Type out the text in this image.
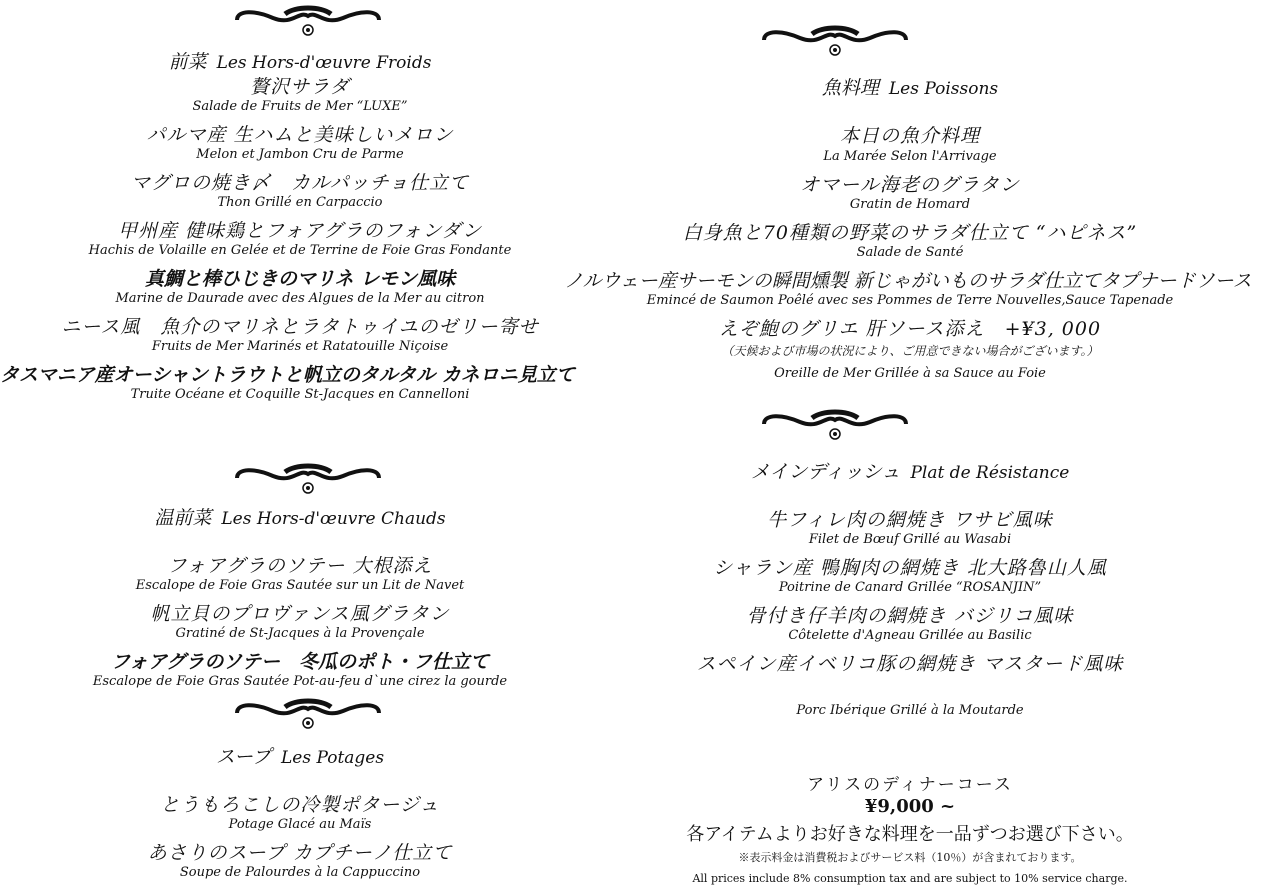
前菜 Les Hors-d'œuvre Froids
贅沢サラダ
Salade de Fruits de Mer “LUXE”
パルマ産 生ハムと美味しいメロン
Melon et Jambon Cru de Parme
マグロの焼き〆　カルパッチョ仕立て
Thon Grillé en Carpaccio
甲州産 健味鶏とフォアグラのフォンダン
Hachis de Volaille en Gelée et de Terrine de Foie Gras Fondante
真鯛と棒ひじきのマリネ レモン風味
Marine de Daurade avec des Algues de la Mer au citron
ニース風　魚介のマリネとラタトゥイユのゼリー寄せ
Fruits de Mer Marinés et Ratatouille Niçoise
タスマニア産オーシャントラウトと帆立のタルタル カネロニ見立て
Truite Océane et Coquille St-Jacques en Cannelloni
温前菜 Les Hors-d'œuvre Chauds
フォアグラのソテー 大根添え
Escalope de Foie Gras Sautée sur un Lit de Navet
帆立貝のプロヴァンス風グラタン
Gratiné de St-Jacques à la Provençale
フォアグラのソテー　冬瓜のポト・フ仕立て
Escalope de Foie Gras Sautée Pot-au-feu d`une cirez la gourde
スープ Les Potages
とうもろこしの冷製ポタージュ
Potage Glacé au Maïs
あさりのスープ カプチーノ仕立て
Soupe de Palourdes à la Cappuccino
魚料理 Les Poissons
本日の魚介料理
La Marée Selon l'Arrivage
オマール海老のグラタン
Gratin de Homard
白身魚と70種類の野菜のサラダ仕立て “ハピネス”
Salade de Santé
ノルウェー産サーモンの瞬間燻製 新じゃがいものサラダ仕立てタプナードソース
Emincé de Saumon Poêlé avec ses Pommes de Terre Nouvelles,Sauce Tapenade
えぞ鮑のグリエ 肝ソース添え　+¥3, 000
（天候および市場の状況により、ご用意できない場合がございます。）
Oreille de Mer Grillée à sa Sauce au Foie
メインディッシュ Plat de Résistance
牛フィレ肉の網焼き ワサビ風味
Filet de Bœuf Grillé au Wasabi
シャラン産 鴨胸肉の網焼き 北大路魯山人風
Poitrine de Canard Grillée “ROSANJIN”
骨付き仔羊肉の網焼き バジリコ風味
Côtelette d'Agneau Grillée au Basilic
スペイン産イベリコ豚の網焼き マスタード風味
Porc Ibérique Grillé à la Moutarde
アリスのディナーコース
¥9,000 ~
各アイテムよりお好きな料理を一品ずつお選び下さい。
※表示料金は消費税およびサービス料（10％）が含まれております。
All prices include 8% consumption tax and are subject to 10% service charge.
